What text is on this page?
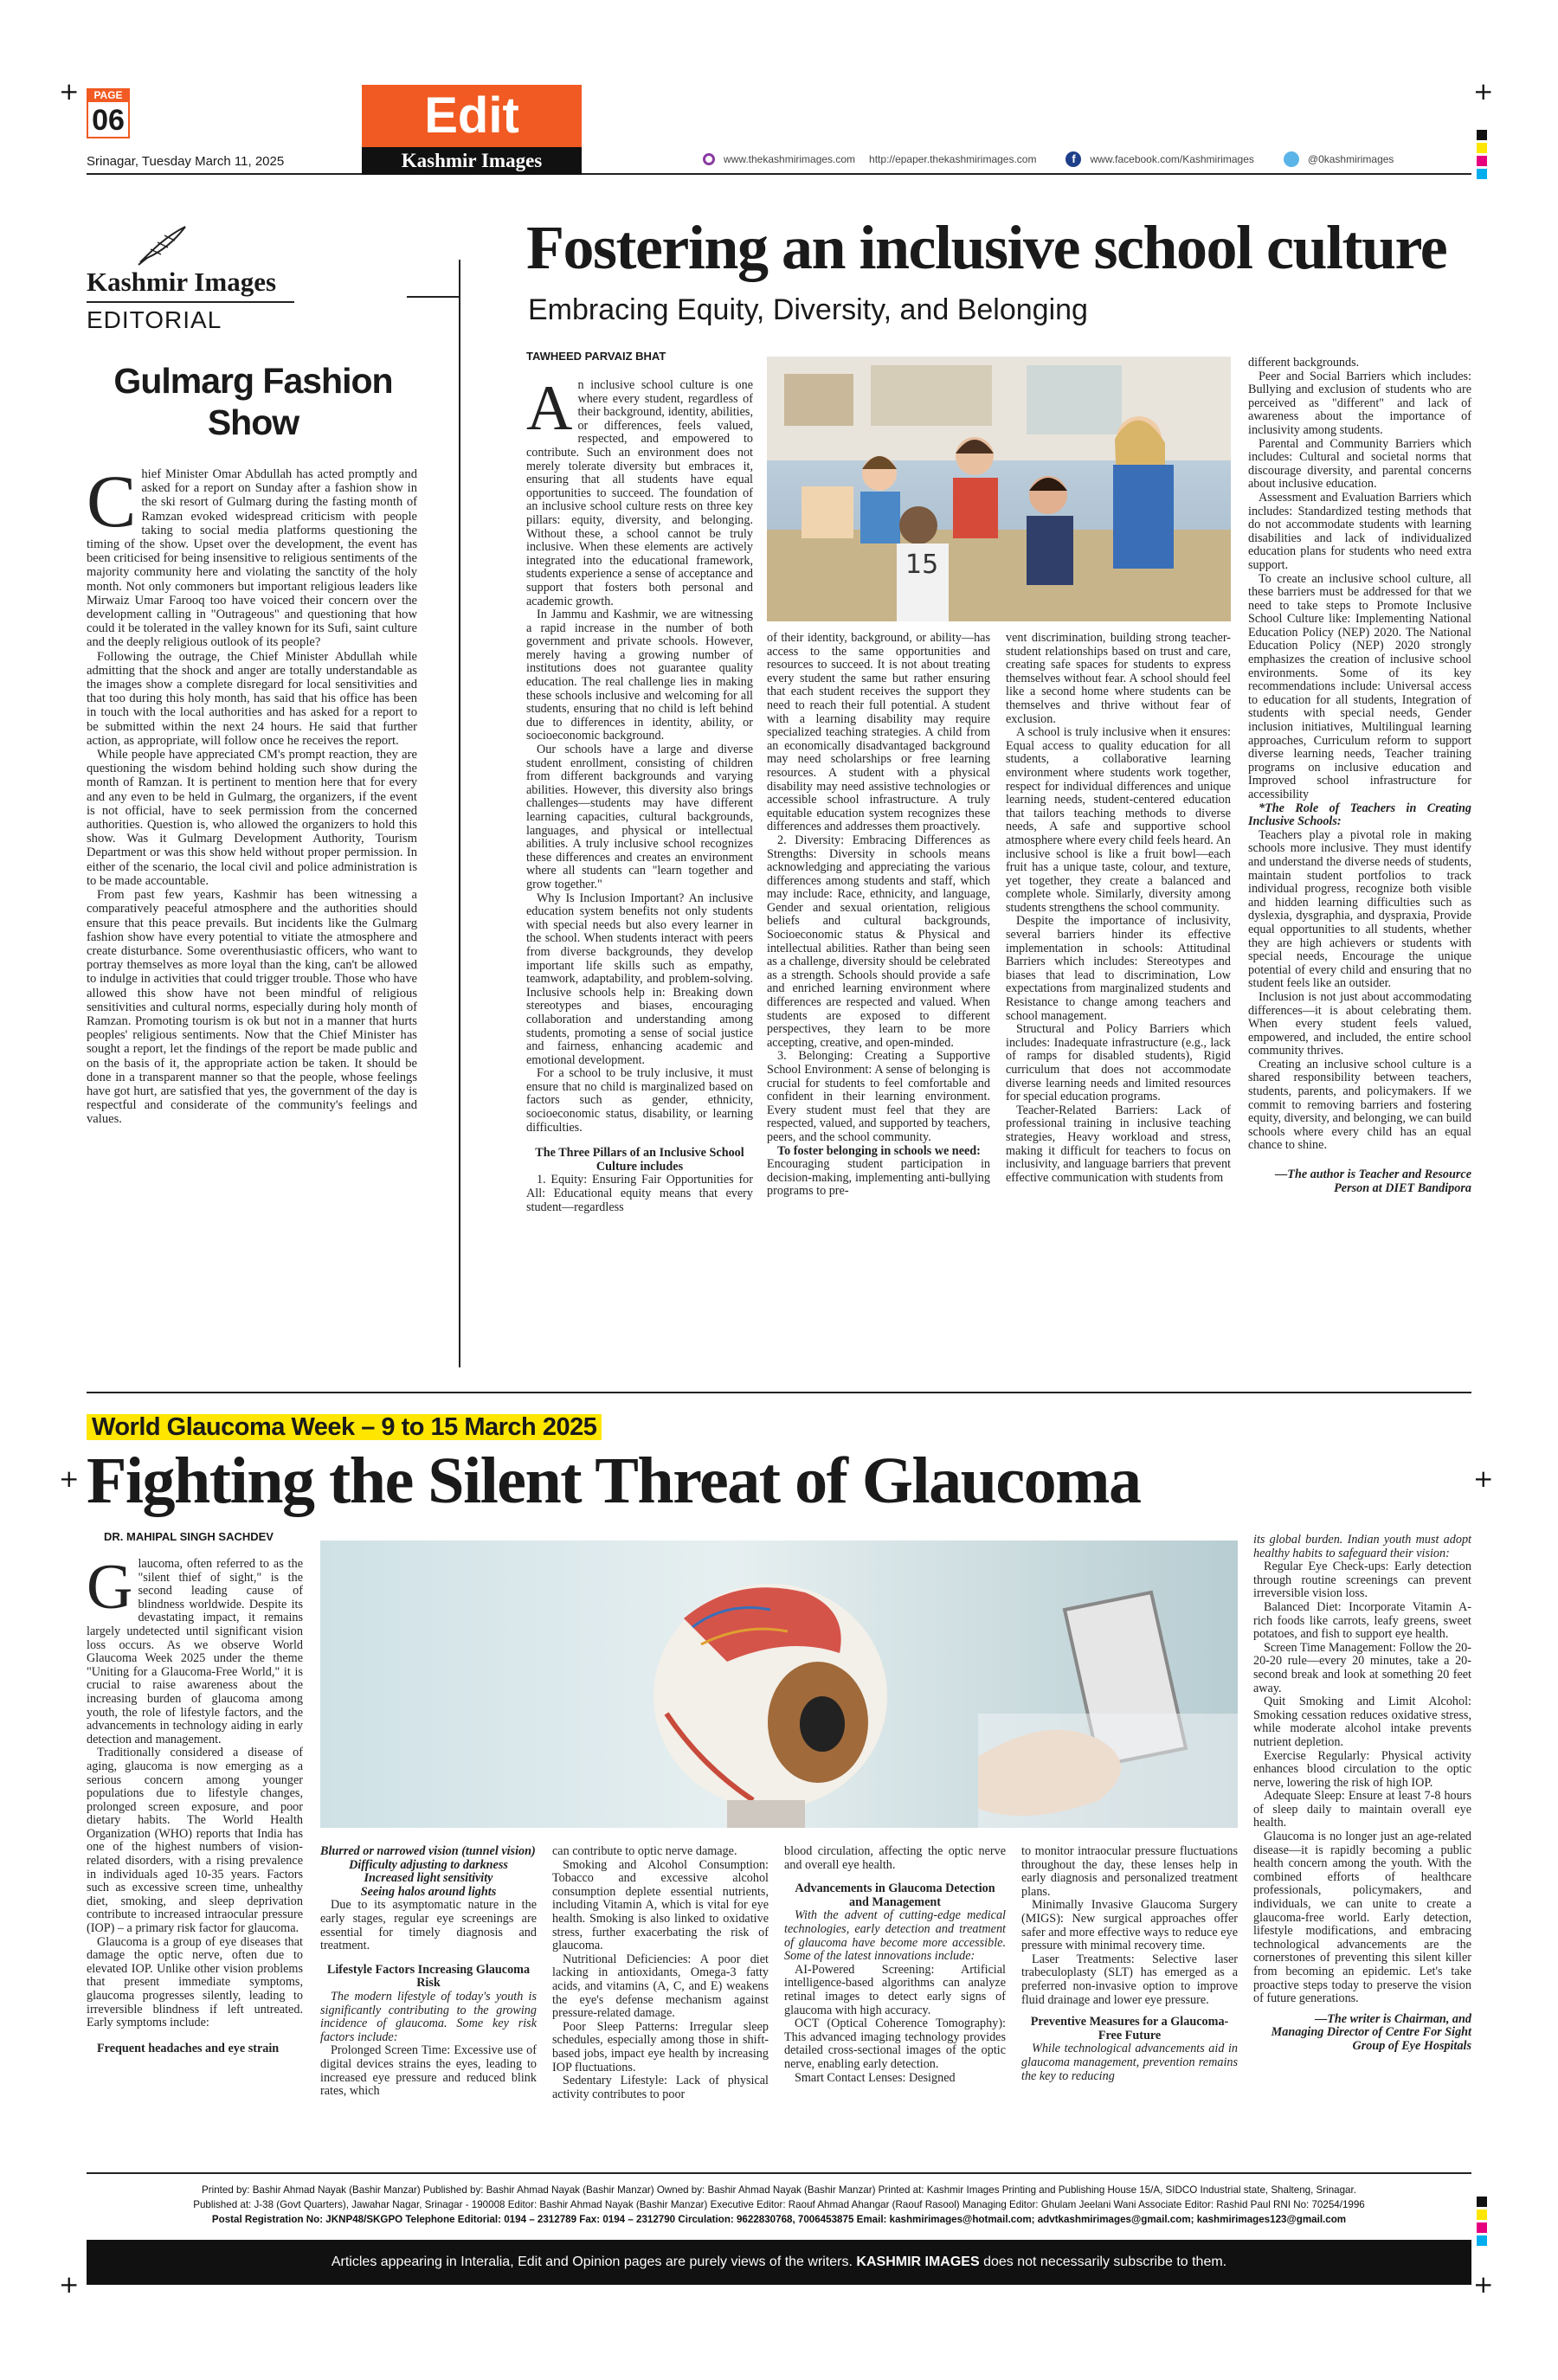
+	+
+	+
+	+
PAGE
06
Srinagar, Tuesday March 11, 2025
Edit
Kashmir Images	www.thekashmirimages.com http://epaper.thekashmirimages.com	f	www.facebook.com/Kashmirimages	@0kashmirimages
Kashmir Images
EDITORIAL
Gulmarg Fashion Show

Chief Minister Omar Abdullah has acted promptly and asked for a report on Sunday after a fashion show in the ski resort of Gulmarg during the fasting month of Ramzan evoked widespread criticism with people taking to social media platforms questioning the timing of the show. Upset over the development, the event has been criticised for being insensitive to religious sentiments of the majority community here and violating the sanctity of the holy month. Not only commoners but important religious leaders like Mirwaiz Umar Farooq too have voiced their concern over the development calling in "Outrageous" and questioning that how could it be tolerated in the valley known for its Sufi, saint culture and the deeply religious outlook of its people?

Following the outrage, the Chief Minister Abdullah while admitting that the shock and anger are totally understandable as the images show a complete disregard for local sensitivities and that too during this holy month, has said that his office has been in touch with the local authorities and has asked for a report to be submitted within the next 24 hours. He said that further action, as appropriate, will follow once he receives the report.

While people have appreciated CM's prompt reaction, they are questioning the wisdom behind holding such show during the month of Ramzan. It is pertinent to mention here that for every and any even to be held in Gulmarg, the organizers, if the event is not official, have to seek permission from the concerned authorities. Question is, who allowed the organizers to hold this show. Was it Gulmarg Development Authority, Tourism Department or was this show held without proper permission. In either of the scenario, the local civil and police administration is to be made accountable.

From past few years, Kashmir has been witnessing a comparatively peaceful atmosphere and the authorities should ensure that this peace prevails. But incidents like the Gulmarg fashion show have every potential to vitiate the atmosphere and create disturbance. Some overenthusiastic officers, who want to portray themselves as more loyal than the king, can't be allowed to indulge in activities that could trigger trouble. Those who have allowed this show have not been mindful of religious sensitivities and cultural norms, especially during holy month of Ramzan. Promoting tourism is ok but not in a manner that hurts peoples' religious sentiments. Now that the Chief Minister has sought a report, let the findings of the report be made public and on the basis of it, the appropriate action be taken. It should be done in a transparent manner so that the people, whose feelings have got hurt, are satisfied that yes, the government of the day is respectful and considerate of the community's feelings and values.

Fostering an inclusive school culture
Embracing Equity, Diversity, and Belonging
TAWHEED PARVAIZ BHAT

An inclusive school culture is one where every student, regardless of their background, identity, abilities, or differences, feels valued, respected, and empowered to contribute. Such an environment does not merely tolerate diversity but embraces it, ensuring that all students have equal opportunities to succeed. The foundation of an inclusive school culture rests on three key pillars: equity, diversity, and belonging. Without these, a school cannot be truly inclusive. When these elements are actively integrated into the educational framework, students experience a sense of acceptance and support that fosters both personal and academic growth.

In Jammu and Kashmir, we are witnessing a rapid increase in the number of both government and private schools. However, merely having a growing number of institutions does not guarantee quality education. The real challenge lies in making these schools inclusive and welcoming for all students, ensuring that no child is left behind due to differences in identity, ability, or socioeconomic background.

Our schools have a large and diverse student enrollment, consisting of children from different backgrounds and varying abilities. However, this diversity also brings challenges—students may have different learning capacities, cultural backgrounds, languages, and physical or intellectual abilities. A truly inclusive school recognizes these differences and creates an environment where all students can "learn together and grow together."

Why Is Inclusion Important? An inclusive education system benefits not only students with special needs but also every learner in the school. When students interact with peers from diverse backgrounds, they develop important life skills such as empathy, teamwork, adaptability, and problem-solving. Inclusive schools help in: Breaking down stereotypes and biases, encouraging collaboration and understanding among students, promoting a sense of social justice and fairness, enhancing academic and emotional development.

For a school to be truly inclusive, it must ensure that no child is marginalized based on factors such as gender, ethnicity, socioeconomic status, disability, or learning difficulties.

The Three Pillars of an Inclusive School Culture includes

1. Equity: Ensuring Fair Opportunities for All: Educational equity means that every student—regardless

15

of their identity, background, or ability—has access to the same opportunities and resources to succeed. It is not about treating every student the same but rather ensuring that each student receives the support they need to reach their full potential. A student with a learning disability may require specialized teaching strategies. A child from an economically disadvantaged background may need scholarships or free learning resources. A student with a physical disability may need assistive technologies or accessible school infrastructure. A truly equitable education system recognizes these differences and addresses them proactively.

2. Diversity: Embracing Differences as Strengths: Diversity in schools means acknowledging and appreciating the various differences among students and staff, which may include: Race, ethnicity, and language, Gender and sexual orientation, religious beliefs and cultural backgrounds, Socioeconomic status & Physical and intellectual abilities. Rather than being seen as a challenge, diversity should be celebrated as a strength. Schools should provide a safe and enriched learning environment where differences are respected and valued. When students are exposed to different perspectives, they learn to be more accepting, creative, and open-minded.

3. Belonging: Creating a Supportive School Environment: A sense of belonging is crucial for students to feel comfortable and confident in their learning environment. Every student must feel that they are respected, valued, and supported by teachers, peers, and the school community.

To foster belonging in schools we need:

Encouraging student participation in decision-making, implementing anti-bullying programs to pre-

vent discrimination, building strong teacher-student relationships based on trust and care, creating safe spaces for students to express themselves without fear. A school should feel like a second home where students can be themselves and thrive without fear of exclusion.

A school is truly inclusive when it ensures: Equal access to quality education for all students, a collaborative learning environment where students work together, respect for individual differences and unique learning needs, student-centered education that tailors teaching methods to diverse needs, A safe and supportive school atmosphere where every child feels heard. An inclusive school is like a fruit bowl—each fruit has a unique taste, colour, and texture, yet together, they create a balanced and complete whole. Similarly, diversity among students strengthens the school community.

Despite the importance of inclusivity, several barriers hinder its effective implementation in schools: Attitudinal Barriers which includes: Stereotypes and biases that lead to discrimination, Low expectations from marginalized students and Resistance to change among teachers and school management.

Structural and Policy Barriers which includes: Inadequate infrastructure (e.g., lack of ramps for disabled students), Rigid curriculum that does not accommodate diverse learning needs and limited resources for special education programs.

Teacher-Related Barriers: Lack of professional training in inclusive teaching strategies, Heavy workload and stress, making it difficult for teachers to focus on inclusivity, and language barriers that prevent effective communication with students from

different backgrounds.

Peer and Social Barriers which includes: Bullying and exclusion of students who are perceived as "different" and lack of awareness about the importance of inclusivity among students.

Parental and Community Barriers which includes: Cultural and societal norms that discourage diversity, and parental concerns about inclusive education.

Assessment and Evaluation Barriers which includes: Standardized testing methods that do not accommodate students with learning disabilities and lack of individualized education plans for students who need extra support.

To create an inclusive school culture, all these barriers must be addressed for that we need to take steps to Promote Inclusive School Culture like: Implementing National Education Policy (NEP) 2020. The National Education Policy (NEP) 2020 strongly emphasizes the creation of inclusive school environments. Some of its key recommendations include: Universal access to education for all students, Integration of students with special needs, Gender inclusion initiatives, Multilingual learning approaches, Curriculum reform to support diverse learning needs, Teacher training programs on inclusive education and Improved school infrastructure for accessibility

*The Role of Teachers in Creating Inclusive Schools:

Teachers play a pivotal role in making schools more inclusive. They must identify and understand the diverse needs of students, maintain student portfolios to track individual progress, recognize both visible and hidden learning difficulties such as dyslexia, dysgraphia, and dyspraxia, Provide equal opportunities to all students, whether they are high achievers or students with special needs, Encourage the unique potential of every child and ensuring that no student feels like an outsider.

Inclusion is not just about accommodating differences—it is about celebrating them. When every student feels valued, empowered, and included, the entire school community thrives.

Creating an inclusive school culture is a shared responsibility between teachers, students, parents, and policymakers. If we commit to removing barriers and fostering equity, diversity, and belonging, we can build schools where every child has an equal chance to shine.

—The author is Teacher and Resource Person at DIET Bandipora

World Glaucoma Week – 9 to 15 March 2025
Fighting the Silent Threat of Glaucoma
DR. MAHIPAL SINGH SACHDEV

Glaucoma, often referred to as the "silent thief of sight," is the second leading cause of blindness worldwide. Despite its devastating impact, it remains largely undetected until significant vision loss occurs. As we observe World Glaucoma Week 2025 under the theme "Uniting for a Glaucoma-Free World," it is crucial to raise awareness about the increasing burden of glaucoma among youth, the role of lifestyle factors, and the advancements in technology aiding in early detection and management.

Traditionally considered a disease of aging, glaucoma is now emerging as a serious concern among younger populations due to lifestyle changes, prolonged screen exposure, and poor dietary habits. The World Health Organization (WHO) reports that India has one of the highest numbers of vision-related disorders, with a rising prevalence in individuals aged 10-35 years. Factors such as excessive screen time, unhealthy diet, smoking, and sleep deprivation contribute to increased intraocular pressure (IOP) – a primary risk factor for glaucoma.

Glaucoma is a group of eye diseases that damage the optic nerve, often due to elevated IOP. Unlike other vision problems that present immediate symptoms, glaucoma progresses silently, leading to irreversible blindness if left untreated. Early symptoms include:

Frequent headaches and eye strain

Blurred or narrowed vision (tunnel vision)

Difficulty adjusting to darkness

Increased light sensitivity

Seeing halos around lights

Due to its asymptomatic nature in the early stages, regular eye screenings are essential for timely diagnosis and treatment.

Lifestyle Factors Increasing Glaucoma Risk

The modern lifestyle of today's youth is significantly contributing to the growing incidence of glaucoma. Some key risk factors include:

Prolonged Screen Time: Excessive use of digital devices strains the eyes, leading to increased eye pressure and reduced blink rates, which

can contribute to optic nerve damage.

Smoking and Alcohol Consumption: Tobacco and excessive alcohol consumption deplete essential nutrients, including Vitamin A, which is vital for eye health. Smoking is also linked to oxidative stress, further exacerbating the risk of glaucoma.

Nutritional Deficiencies: A poor diet lacking in antioxidants, Omega-3 fatty acids, and vitamins (A, C, and E) weakens the eye's defense mechanism against pressure-related damage.

Poor Sleep Patterns: Irregular sleep schedules, especially among those in shift-based jobs, impact eye health by increasing IOP fluctuations.

Sedentary Lifestyle: Lack of physical activity contributes to poor

blood circulation, affecting the optic nerve and overall eye health.

Advancements in Glaucoma Detection and Management

With the advent of cutting-edge medical technologies, early detection and treatment of glaucoma have become more accessible. Some of the latest innovations include:

AI-Powered Screening: Artificial intelligence-based algorithms can analyze retinal images to detect early signs of glaucoma with high accuracy.

OCT (Optical Coherence Tomography): This advanced imaging technology provides detailed cross-sectional images of the optic nerve, enabling early detection.

Smart Contact Lenses: Designed

to monitor intraocular pressure fluctuations throughout the day, these lenses help in early diagnosis and personalized treatment plans.

Minimally Invasive Glaucoma Surgery (MIGS): New surgical approaches offer safer and more effective ways to reduce eye pressure with minimal recovery time.

Laser Treatments: Selective laser trabeculoplasty (SLT) has emerged as a preferred non-invasive option to improve fluid drainage and lower eye pressure.

Preventive Measures for a Glaucoma-Free Future

While technological advancements aid in glaucoma management, prevention remains the key to reducing

its global burden. Indian youth must adopt healthy habits to safeguard their vision:

Regular Eye Check-ups: Early detection through routine screenings can prevent irreversible vision loss.

Balanced Diet: Incorporate Vitamin A-rich foods like carrots, leafy greens, sweet potatoes, and fish to support eye health.

Screen Time Management: Follow the 20-20-20 rule—every 20 minutes, take a 20-second break and look at something 20 feet away.

Quit Smoking and Limit Alcohol: Smoking cessation reduces oxidative stress, while moderate alcohol intake prevents nutrient depletion.

Exercise Regularly: Physical activity enhances blood circulation to the optic nerve, lowering the risk of high IOP.

Adequate Sleep: Ensure at least 7-8 hours of sleep daily to maintain overall eye health.

Glaucoma is no longer just an age-related disease—it is rapidly becoming a public health concern among the youth. With the combined efforts of healthcare professionals, policymakers, and individuals, we can unite to create a glaucoma-free world. Early detection, lifestyle modifications, and embracing technological advancements are the cornerstones of preventing this silent killer from becoming an epidemic. Let's take proactive steps today to preserve the vision of future generations.

—The writer is Chairman, and Managing Director of Centre For Sight Group of Eye Hospitals

Printed by: Bashir Ahmad Nayak (Bashir Manzar) Published by: Bashir Ahmad Nayak (Bashir Manzar) Owned by: Bashir Ahmad Nayak (Bashir Manzar) Printed at: Kashmir Images Printing and Publishing House 15/A, SIDCO Industrial state, Shalteng, Srinagar.
Published at: J-38 (Govt Quarters), Jawahar Nagar, Srinagar - 190008 Editor: Bashir Ahmad Nayak (Bashir Manzar) Executive Editor: Raouf Ahmad Ahangar (Raouf Rasool) Managing Editor: Ghulam Jeelani Wani Associate Editor: Rashid Paul RNI No: 70254/1996
Postal Registration No: JKNP48/SKGPO Telephone Editorial: 0194 – 2312789 Fax: 0194 – 2312790 Circulation: 9622830768, 7006453875 Email: kashmirimages@hotmail.com; advtkashmirimages@gmail.com; kashmirimages123@gmail.com
Articles appearing in Interalia, Edit and Opinion pages are purely views of the writers. KASHMIR IMAGES does not necessarily subscribe to them.
